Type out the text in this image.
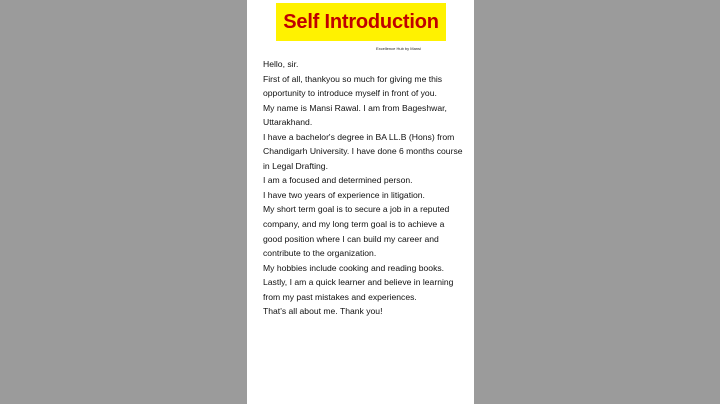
Self Introduction
Excellence Hub by Mansi
Hello, sir.
First of all, thankyou so much for giving me this
opportunity to introduce myself in front of you.
My name is Mansi Rawal. I am from Bageshwar,
Uttarakhand.
I have a bachelor's degree in BA LL.B (Hons) from
Chandigarh University. I have done 6 months course
in Legal Drafting.
I am a focused and determined person.
I have two years of experience in litigation.
My short term goal is to secure a job in a reputed
company, and my long term goal is to achieve a
good position where I can build my career and
contribute to the organization.
My hobbies include cooking and reading books.
Lastly, I am a quick learner and believe in learning
from my past mistakes and experiences.
That's all about me. Thank you!
